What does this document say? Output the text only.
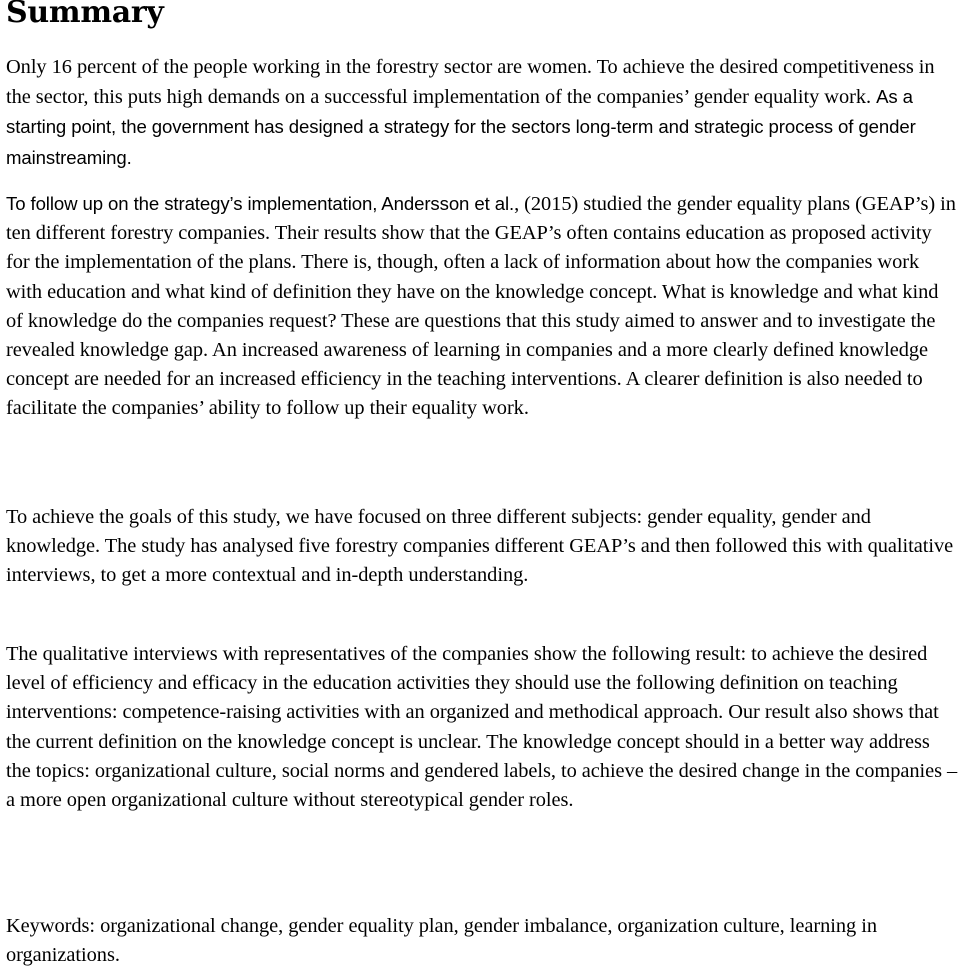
Summary

Only 16 percent of the people working in the forestry sector are women. To achieve the desired competitiveness in the sector, this puts high demands on a successful implementation of the companies’ gender equality work. As a starting point, the government has designed a strategy for the sectors long-term and strategic process of gender mainstreaming.

To follow up on the strategy’s implementation, Andersson et al., (2015) studied the gender equality plans (GEAP’s) in ten different forestry companies. Their results show that the GEAP’s often contains education as proposed activity for the implementation of the plans. There is, though, often a lack of information about how the companies work with education and what kind of definition they have on the knowledge concept. What is knowledge and what kind of knowledge do the companies request? These are questions that this study aimed to answer and to investigate the revealed knowledge gap. An increased awareness of learning in companies and a more clearly defined knowledge concept are needed for an increased efficiency in the teaching interventions. A clearer definition is also needed to facilitate the companies’ ability to follow up their equality work.

To achieve the goals of this study, we have focused on three different subjects: gender equality, gender and knowledge. The study has analysed five forestry companies different GEAP’s and then followed this with qualitative interviews, to get a more contextual and in-depth understanding.

The qualitative interviews with representatives of the companies show the following result: to achieve the desired level of efficiency and efficacy in the education activities they should use the following definition on teaching interventions: competence-raising activities with an organized and methodical approach. Our result also shows that the current definition on the knowledge concept is unclear. The knowledge concept should in a better way address the topics: organizational culture, social norms and gendered labels, to achieve the desired change in the companies – a more open organizational culture without stereotypical gender roles.

Keywords: organizational change, gender equality plan, gender imbalance, organization culture, learning in organizations.
